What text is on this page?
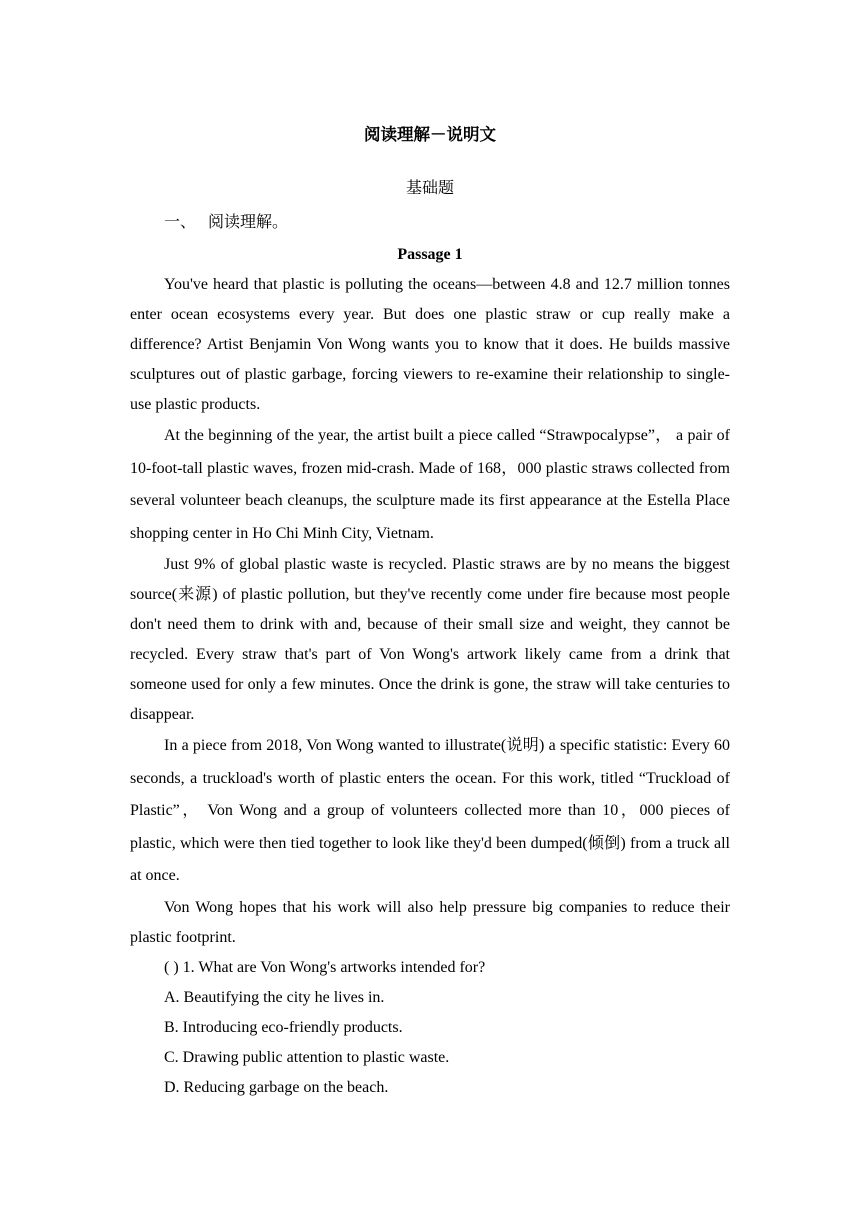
阅读理解－说明文
基础题
一、 阅读理解。
Passage 1

You've heard that plastic is polluting the oceans—between 4.8 and 12.7 million tonnes enter ocean ecosystems every year. But does one plastic straw or cup really make a difference? Artist Benjamin Von Wong wants you to know that it does. He builds massive sculptures out of plastic garbage, forcing viewers to re-examine their relationship to single-use plastic products.

At the beginning of the year, the artist built a piece called “Strawpocalypse”， a pair of 10-foot-tall plastic waves, frozen mid-crash. Made of 168，000 plastic straws collected from several volunteer beach cleanups, the sculpture made its first appearance at the Estella Place shopping center in Ho Chi Minh City, Vietnam.

Just 9% of global plastic waste is recycled. Plastic straws are by no means the biggest source(来源) of plastic pollution, but they've recently come under fire because most people don't need them to drink with and, because of their small size and weight, they cannot be recycled. Every straw that's part of Von Wong's artwork likely came from a drink that someone used for only a few minutes. Once the drink is gone, the straw will take centuries to disappear.

In a piece from 2018, Von Wong wanted to illustrate(说明) a specific statistic: Every 60 seconds, a truckload's worth of plastic enters the ocean. For this work, titled “Truckload of Plastic”， Von Wong and a group of volunteers collected more than 10，000 pieces of plastic, which were then tied together to look like they'd been dumped(倾倒) from a truck all at once.

Von Wong hopes that his work will also help pressure big companies to reduce their plastic footprint.

( ) 1. What are Von Wong's artworks intended for?
A. Beautifying the city he lives in.
B. Introducing eco-friendly products.
C. Drawing public attention to plastic waste.
D. Reducing garbage on the beach.
